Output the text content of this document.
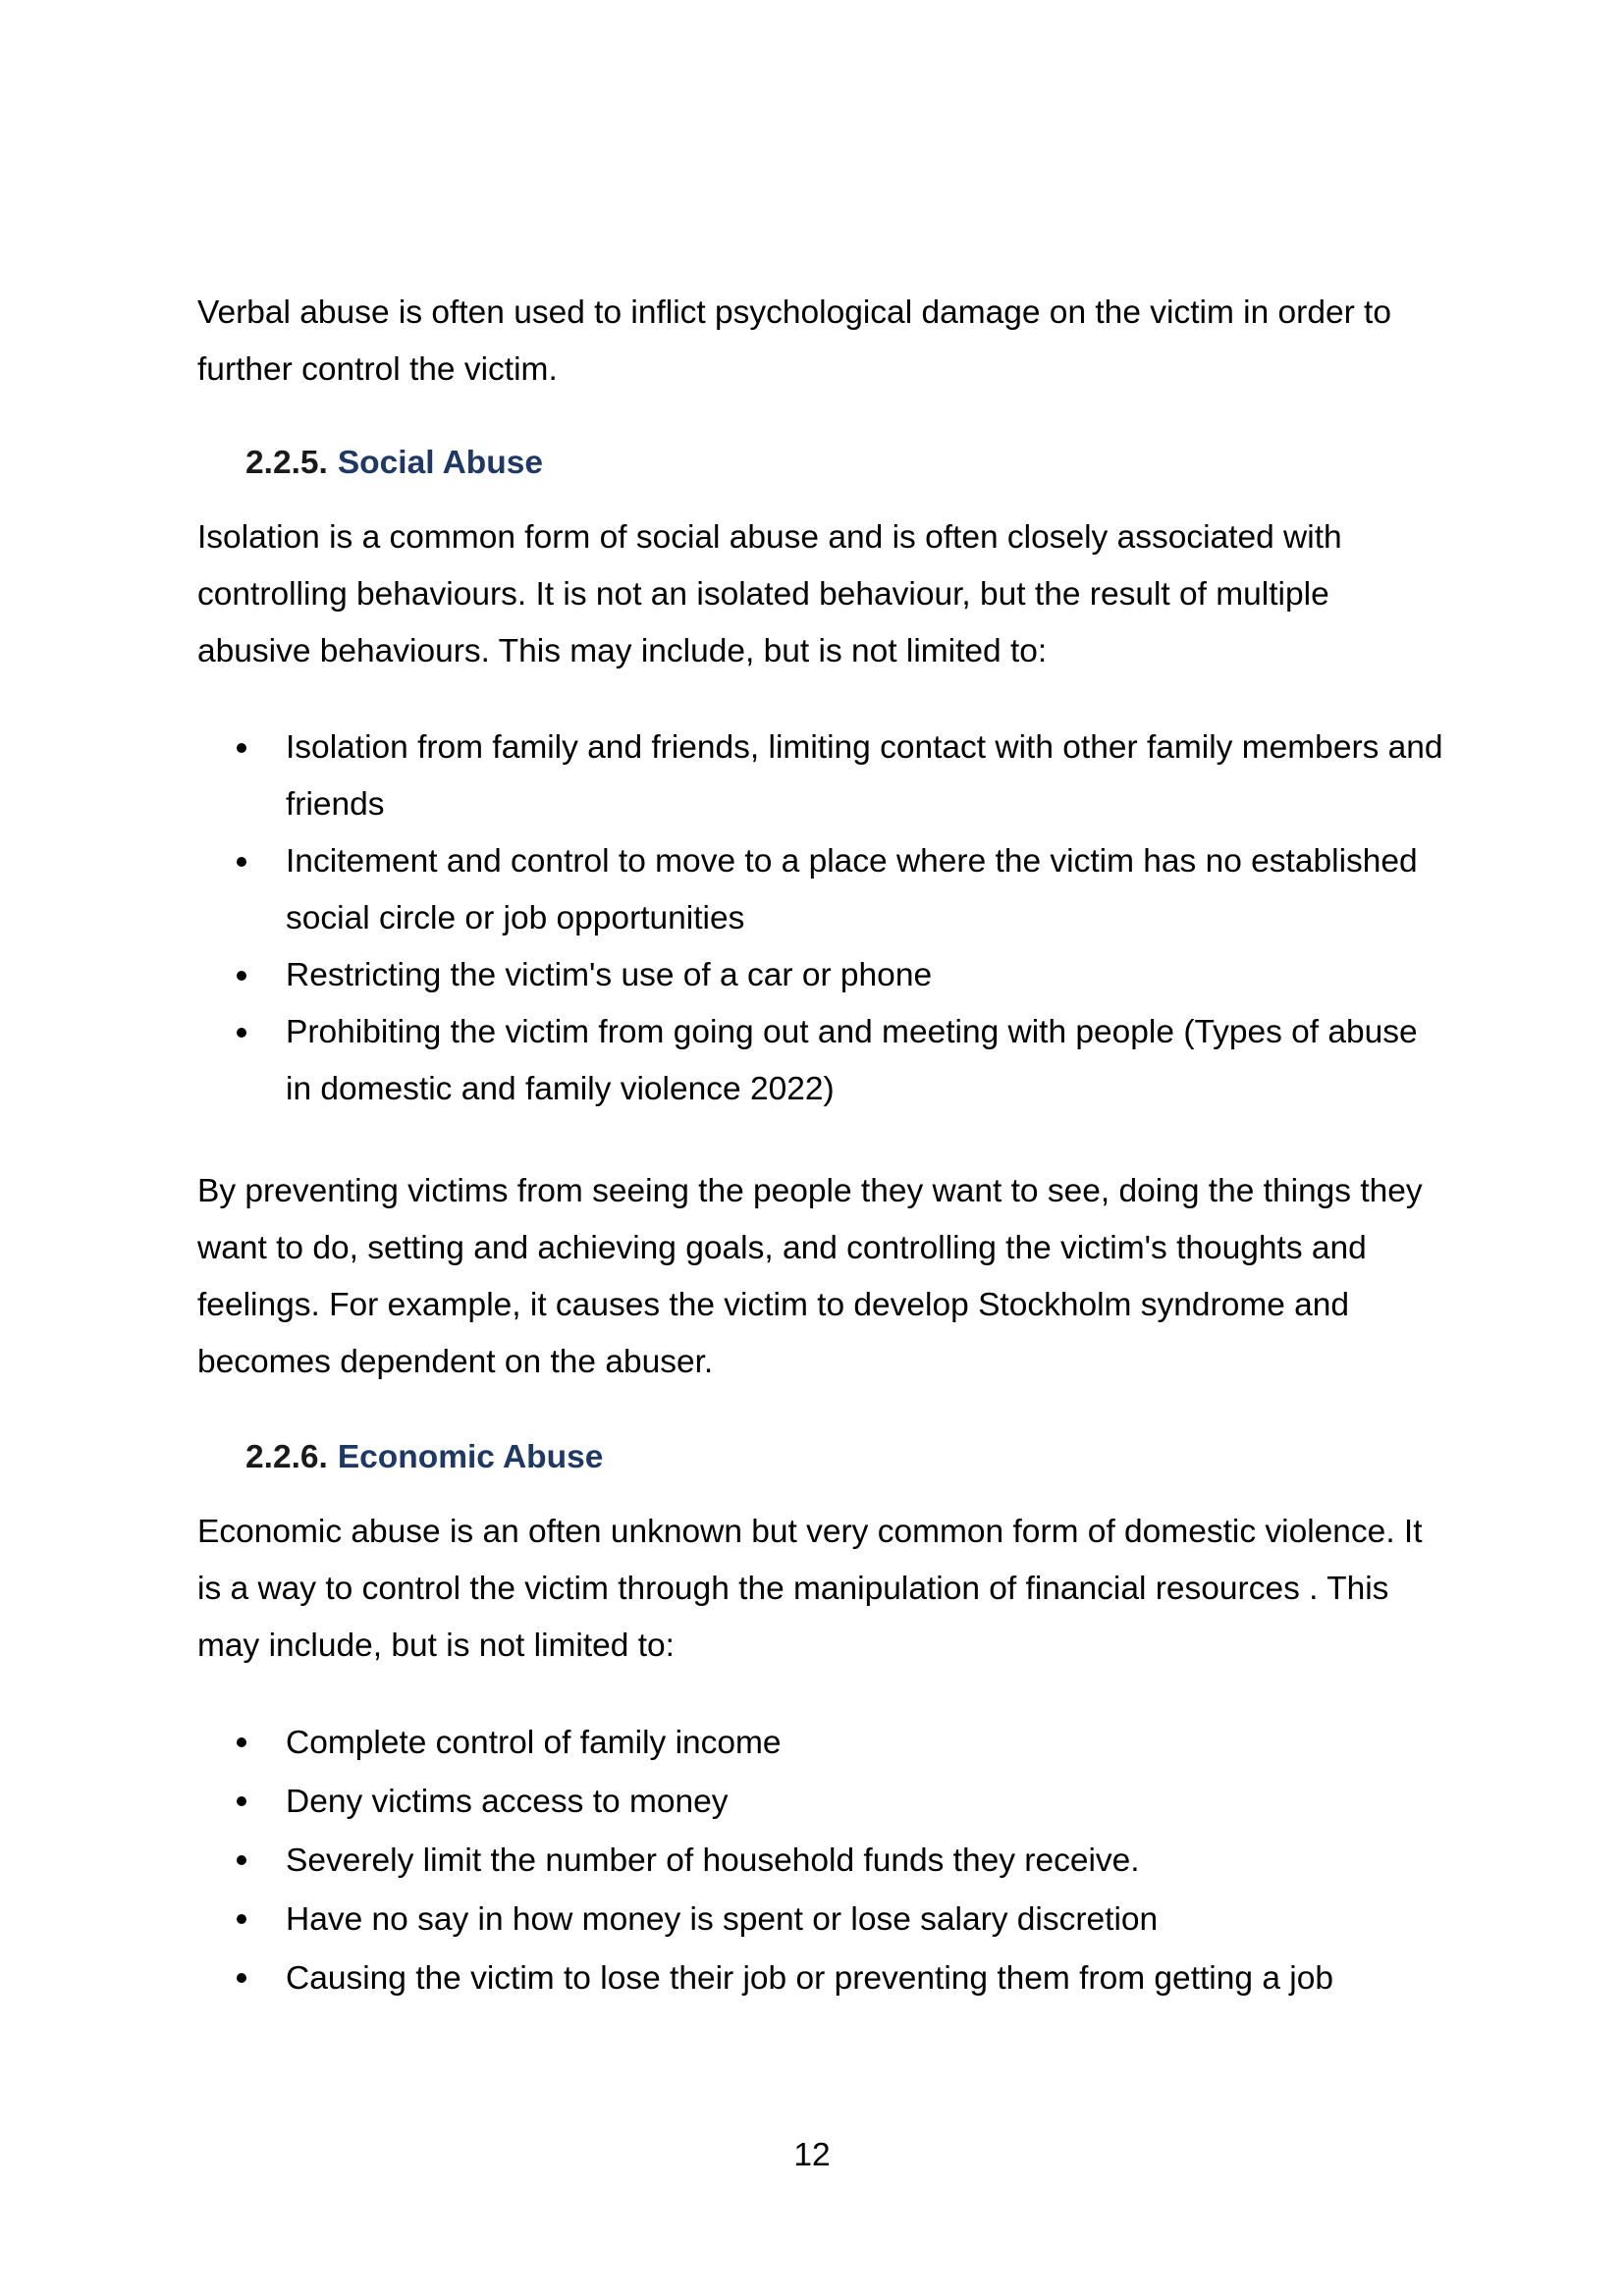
Verbal abuse is often used to inflict psychological damage on the victim in order to further control the victim.

2.2.5. Social Abuse

Isolation is a common form of social abuse and is often closely associated with controlling behaviours. It is not an isolated behaviour, but the result of multiple abusive behaviours. This may include, but is not limited to:

Isolation from family and friends, limiting contact with other family members and friends
Incitement and control to move to a place where the victim has no established social circle or job opportunities
Restricting the victim's use of a car or phone
Prohibiting the victim from going out and meeting with people (Types of abuse in domestic and family violence 2022)

By preventing victims from seeing the people they want to see, doing the things they want to do, setting and achieving goals, and controlling the victim's thoughts and feelings. For example, it causes the victim to develop Stockholm syndrome and becomes dependent on the abuser.

2.2.6. Economic Abuse

Economic abuse is an often unknown but very common form of domestic violence. It is a way to control the victim through the manipulation of financial resources . This may include, but is not limited to:

Complete control of family income
Deny victims access to money
Severely limit the number of household funds they receive.
Have no say in how money is spent or lose salary discretion
Causing the victim to lose their job or preventing them from getting a job
12
